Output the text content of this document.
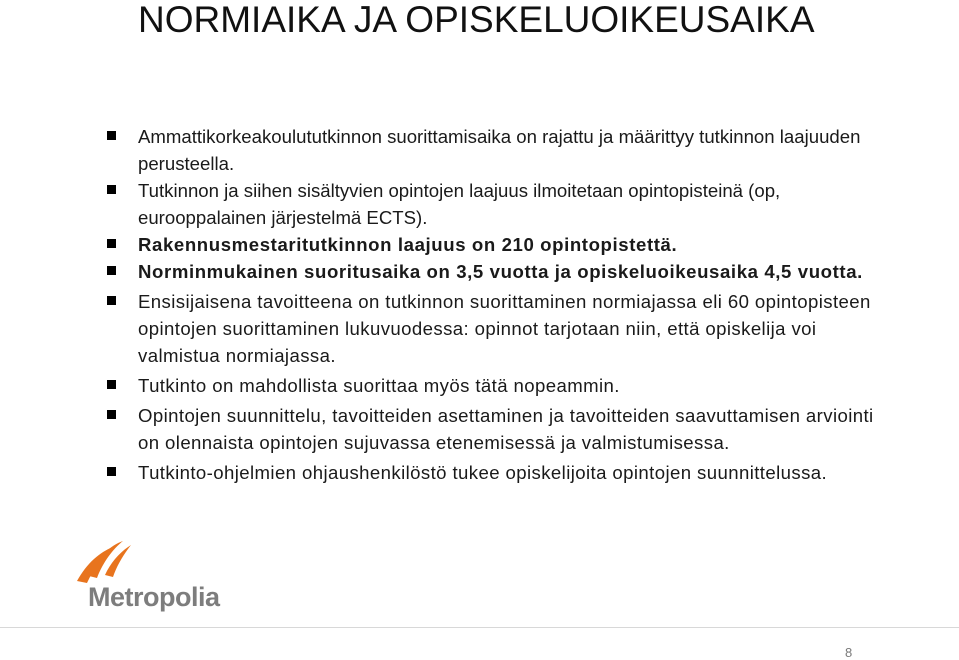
NORMIAIKA JA OPISKELUOIKEUSAIKA
Ammattikorkeakoulututkinnon suorittamisaika on rajattu ja määrittyy tutkinnon laajuuden perusteella.
Tutkinnon ja siihen sisältyvien opintojen laajuus ilmoitetaan opintopisteinä (op, eurooppalainen järjestelmä ECTS).
Rakennusmestaritutkinnon laajuus on 210 opintopistettä.
Norminmukainen suoritusaika on 3,5 vuotta ja opiskeluoikeusaika 4,5 vuotta.
Ensisijaisena tavoitteena on tutkinnon suorittaminen normiajassa eli 60 opintopisteen opintojen suorittaminen lukuvuodessa: opinnot tarjotaan niin, että opiskelija voi valmistua normiajassa.
Tutkinto on mahdollista suorittaa myös tätä nopeammin.
Opintojen suunnittelu, tavoitteiden asettaminen ja tavoitteiden saavuttamisen arviointi on olennaista opintojen sujuvassa etenemisessä ja valmistumisessa.
Tutkinto-ohjelmien ohjaushenkilöstö tukee opiskelijoita opintojen suunnittelussa.
Metropolia
8
